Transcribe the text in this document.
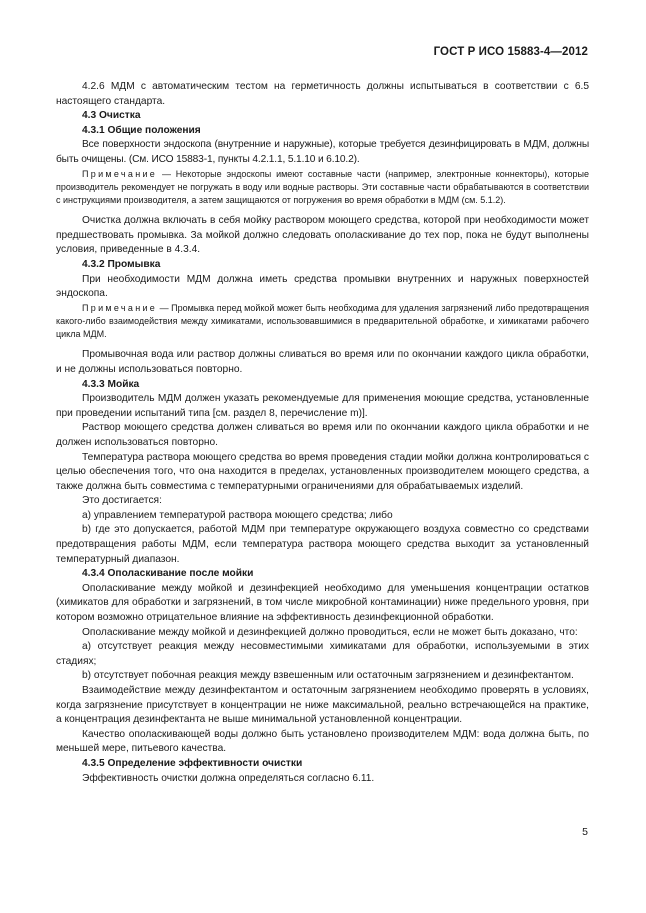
ГОСТ Р ИСО 15883-4—2012

4.2.6 МДМ с автоматическим тестом на герметичность должны испытываться в соответствии с 6.5 настоящего стандарта.

4.3 Очистка

4.3.1 Общие положения

Все поверхности эндоскопа (внутренние и наружные), которые требуется дезинфицировать в МДМ, должны быть очищены. (См. ИСО 15883-1, пункты 4.2.1.1, 5.1.10 и 6.10.2).

Примечание — Некоторые эндоскопы имеют составные части (например, электронные коннекторы), которые производитель рекомендует не погружать в воду или водные растворы. Эти составные части обрабатываются в соответствии с инструкциями производителя, а затем защищаются от погружения во время обработки в МДМ (см. 5.1.2).

Очистка должна включать в себя мойку раствором моющего средства, которой при необходимости может предшествовать промывка. За мойкой должно следовать ополаскивание до тех пор, пока не будут выполнены условия, приведенные в 4.3.4.

4.3.2 Промывка

При необходимости МДМ должна иметь средства промывки внутренних и наружных поверхностей эндоскопа.

Примечание — Промывка перед мойкой может быть необходима для удаления загрязнений либо предотвращения какого-либо взаимодействия между химикатами, использовавшимися в предварительной обработке, и химикатами рабочего цикла МДМ.

Промывочная вода или раствор должны сливаться во время или по окончании каждого цикла обработки, и не должны использоваться повторно.

4.3.3 Мойка

Производитель МДМ должен указать рекомендуемые для применения моющие средства, установленные при проведении испытаний типа [см. раздел 8, перечисление m)].

Раствор моющего средства должен сливаться во время или по окончании каждого цикла обработки и не должен использоваться повторно.

Температура раствора моющего средства во время проведения стадии мойки должна контролироваться с целью обеспечения того, что она находится в пределах, установленных производителем моющего средства, а также должна быть совместима с температурными ограничениями для обрабатываемых изделий.

Это достигается:

а) управлением температурой раствора моющего средства; либо

b) где это допускается, работой МДМ при температуре окружающего воздуха совместно со средствами предотвращения работы МДМ, если температура раствора моющего средства выходит за установленный температурный диапазон.

4.3.4 Ополаскивание после мойки

Ополаскивание между мойкой и дезинфекцией необходимо для уменьшения концентрации остатков (химикатов для обработки и загрязнений, в том числе микробной контаминации) ниже предельного уровня, при котором возможно отрицательное влияние на эффективность дезинфекционной обработки.

Ополаскивание между мойкой и дезинфекцией должно проводиться, если не может быть доказано, что:

а) отсутствует реакция между несовместимыми химикатами для обработки, используемыми в этих стадиях;

b) отсутствует побочная реакция между взвешенным или остаточным загрязнением и дезинфектантом.

Взаимодействие между дезинфектантом и остаточным загрязнением необходимо проверять в условиях, когда загрязнение присутствует в концентрации не ниже максимальной, реально встречающейся на практике, а концентрация дезинфектанта не выше минимальной установленной концентрации.

Качество ополаскивающей воды должно быть установлено производителем МДМ: вода должна быть, по меньшей мере, питьевого качества.

4.3.5 Определение эффективности очистки

Эффективность очистки должна определяться согласно 6.11.

5
